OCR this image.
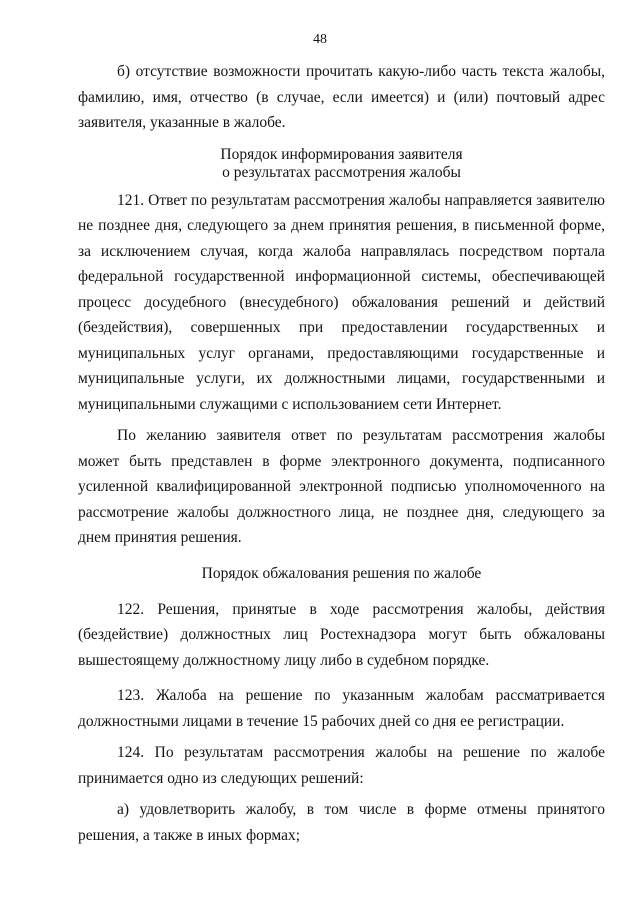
48

б) отсутствие возможности прочитать какую-либо часть текста жалобы, фамилию, имя, отчество (в случае, если имеется) и (или) почтовый адрес заявителя, указанные в жалобе.

Порядок информирования заявителя

о результатах рассмотрения жалобы

121. Ответ по результатам рассмотрения жалобы направляется заявителю не позднее дня, следующего за днем принятия решения, в письменной форме, за исключением случая, когда жалоба направлялась посредством портала федеральной государственной информационной системы, обеспечивающей процесс досудебного (внесудебного) обжалования решений и действий (бездействия), совершенных при предоставлении государственных и муниципальных услуг органами, предоставляющими государственные и муниципальные услуги, их должностными лицами, государственными и муниципальными служащими с использованием сети Интернет.

По желанию заявителя ответ по результатам рассмотрения жалобы может быть представлен в форме электронного документа, подписанного усиленной квалифицированной электронной подписью уполномоченного на рассмотрение жалобы должностного лица, не позднее дня, следующего за днем принятия решения.

Порядок обжалования решения по жалобе

122. Решения, принятые в ходе рассмотрения жалобы, действия (бездействие) должностных лиц Ростехнадзора могут быть обжалованы вышестоящему должностному лицу либо в судебном порядке.

123. Жалоба на решение по указанным жалобам рассматривается должностными лицами в течение 15 рабочих дней со дня ее регистрации.

124. По результатам рассмотрения жалобы на решение по жалобе принимается одно из следующих решений:

а) удовлетворить жалобу, в том числе в форме отмены принятого решения, а также в иных формах;
